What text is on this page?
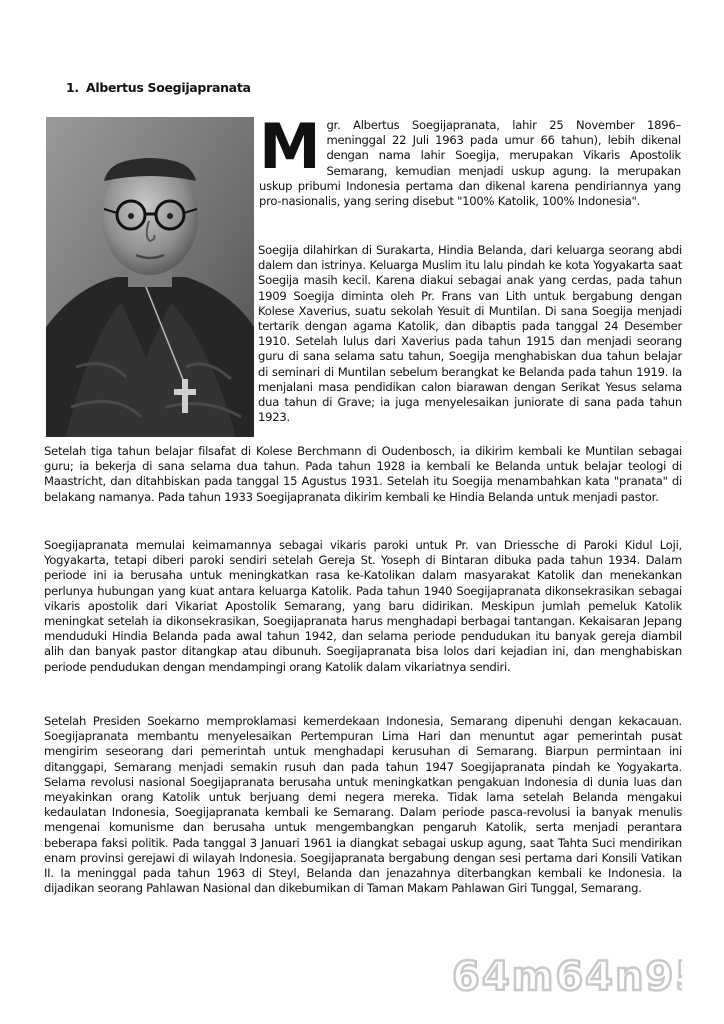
1. Albertus Soegijapranata
Mgr. Albertus Soegijapranata, lahir 25 November 1896–meninggal 22 Juli 1963 pada umur 66 tahun), lebih dikenal dengan nama lahir Soegija, merupakan Vikaris Apostolik Semarang, kemudian menjadi uskup agung. Ia merupakan uskup pribumi Indonesia pertama dan dikenal karena pendiriannya yang pro-nasionalis, yang sering disebut "100% Katolik, 100% Indonesia".
Soegija dilahirkan di Surakarta, Hindia Belanda, dari keluarga seorang abdi dalem dan istrinya. Keluarga Muslim itu lalu pindah ke kota Yogyakarta saat Soegija masih kecil. Karena diakui sebagai anak yang cerdas, pada tahun 1909 Soegija diminta oleh Pr. Frans van Lith untuk bergabung dengan Kolese Xaverius, suatu sekolah Yesuit di Muntilan. Di sana Soegija menjadi tertarik dengan agama Katolik, dan dibaptis pada tanggal 24 Desember 1910. Setelah lulus dari Xaverius pada tahun 1915 dan menjadi seorang guru di sana selama satu tahun, Soegija menghabiskan dua tahun belajar di seminari di Muntilan sebelum berangkat ke Belanda pada tahun 1919. Ia menjalani masa pendidikan calon biarawan dengan Serikat Yesus selama dua tahun di Grave; ia juga menyelesaikan juniorate di sana pada tahun 1923.
Setelah tiga tahun belajar filsafat di Kolese Berchmann di Oudenbosch, ia dikirim kembali ke Muntilan sebagai guru; ia bekerja di sana selama dua tahun. Pada tahun 1928 ia kembali ke Belanda untuk belajar teologi di Maastricht, dan ditahbiskan pada tanggal 15 Agustus 1931. Setelah itu Soegija menambahkan kata "pranata" di belakang namanya. Pada tahun 1933 Soegijapranata dikirim kembali ke Hindia Belanda untuk menjadi pastor.
Soegijapranata memulai keimamannya sebagai vikaris paroki untuk Pr. van Driessche di Paroki Kidul Loji, Yogyakarta, tetapi diberi paroki sendiri setelah Gereja St. Yoseph di Bintaran dibuka pada tahun 1934. Dalam periode ini ia berusaha untuk meningkatkan rasa ke-Katolikan dalam masyarakat Katolik dan menekankan perlunya hubungan yang kuat antara keluarga Katolik. Pada tahun 1940 Soegijapranata dikonsekrasikan sebagai vikaris apostolik dari Vikariat Apostolik Semarang, yang baru didirikan. Meskipun jumlah pemeluk Katolik meningkat setelah ia dikonsekrasikan, Soegijapranata harus menghadapi berbagai tantangan. Kekaisaran Jepang menduduki Hindia Belanda pada awal tahun 1942, dan selama periode pendudukan itu banyak gereja diambil alih dan banyak pastor ditangkap atau dibunuh. Soegijapranata bisa lolos dari kejadian ini, dan menghabiskan periode pendudukan dengan mendampingi orang Katolik dalam vikariatnya sendiri.
Setelah Presiden Soekarno memproklamasi kemerdekaan Indonesia, Semarang dipenuhi dengan kekacauan. Soegijapranata membantu menyelesaikan Pertempuran Lima Hari dan menuntut agar pemerintah pusat mengirim seseorang dari pemerintah untuk menghadapi kerusuhan di Semarang. Biarpun permintaan ini ditanggapi, Semarang menjadi semakin rusuh dan pada tahun 1947 Soegijapranata pindah ke Yogyakarta. Selama revolusi nasional Soegijapranata berusaha untuk meningkatkan pengakuan Indonesia di dunia luas dan meyakinkan orang Katolik untuk berjuang demi negera mereka. Tidak lama setelah Belanda mengakui kedaulatan Indonesia, Soegijapranata kembali ke Semarang. Dalam periode pasca-revolusi ia banyak menulis mengenai komunisme dan berusaha untuk mengembangkan pengaruh Katolik, serta menjadi perantara beberapa faksi politik. Pada tanggal 3 Januari 1961 ia diangkat sebagai uskup agung, saat Tahta Suci mendirikan enam provinsi gerejawi di wilayah Indonesia. Soegijapranata bergabung dengan sesi pertama dari Konsili Vatikan II. Ia meninggal pada tahun 1963 di Steyl, Belanda dan jenazahnya diterbangkan kembali ke Indonesia. Ia dijadikan seorang Pahlawan Nasional dan dikebumikan di Taman Makam Pahlawan Giri Tunggal, Semarang.
64m64n95
